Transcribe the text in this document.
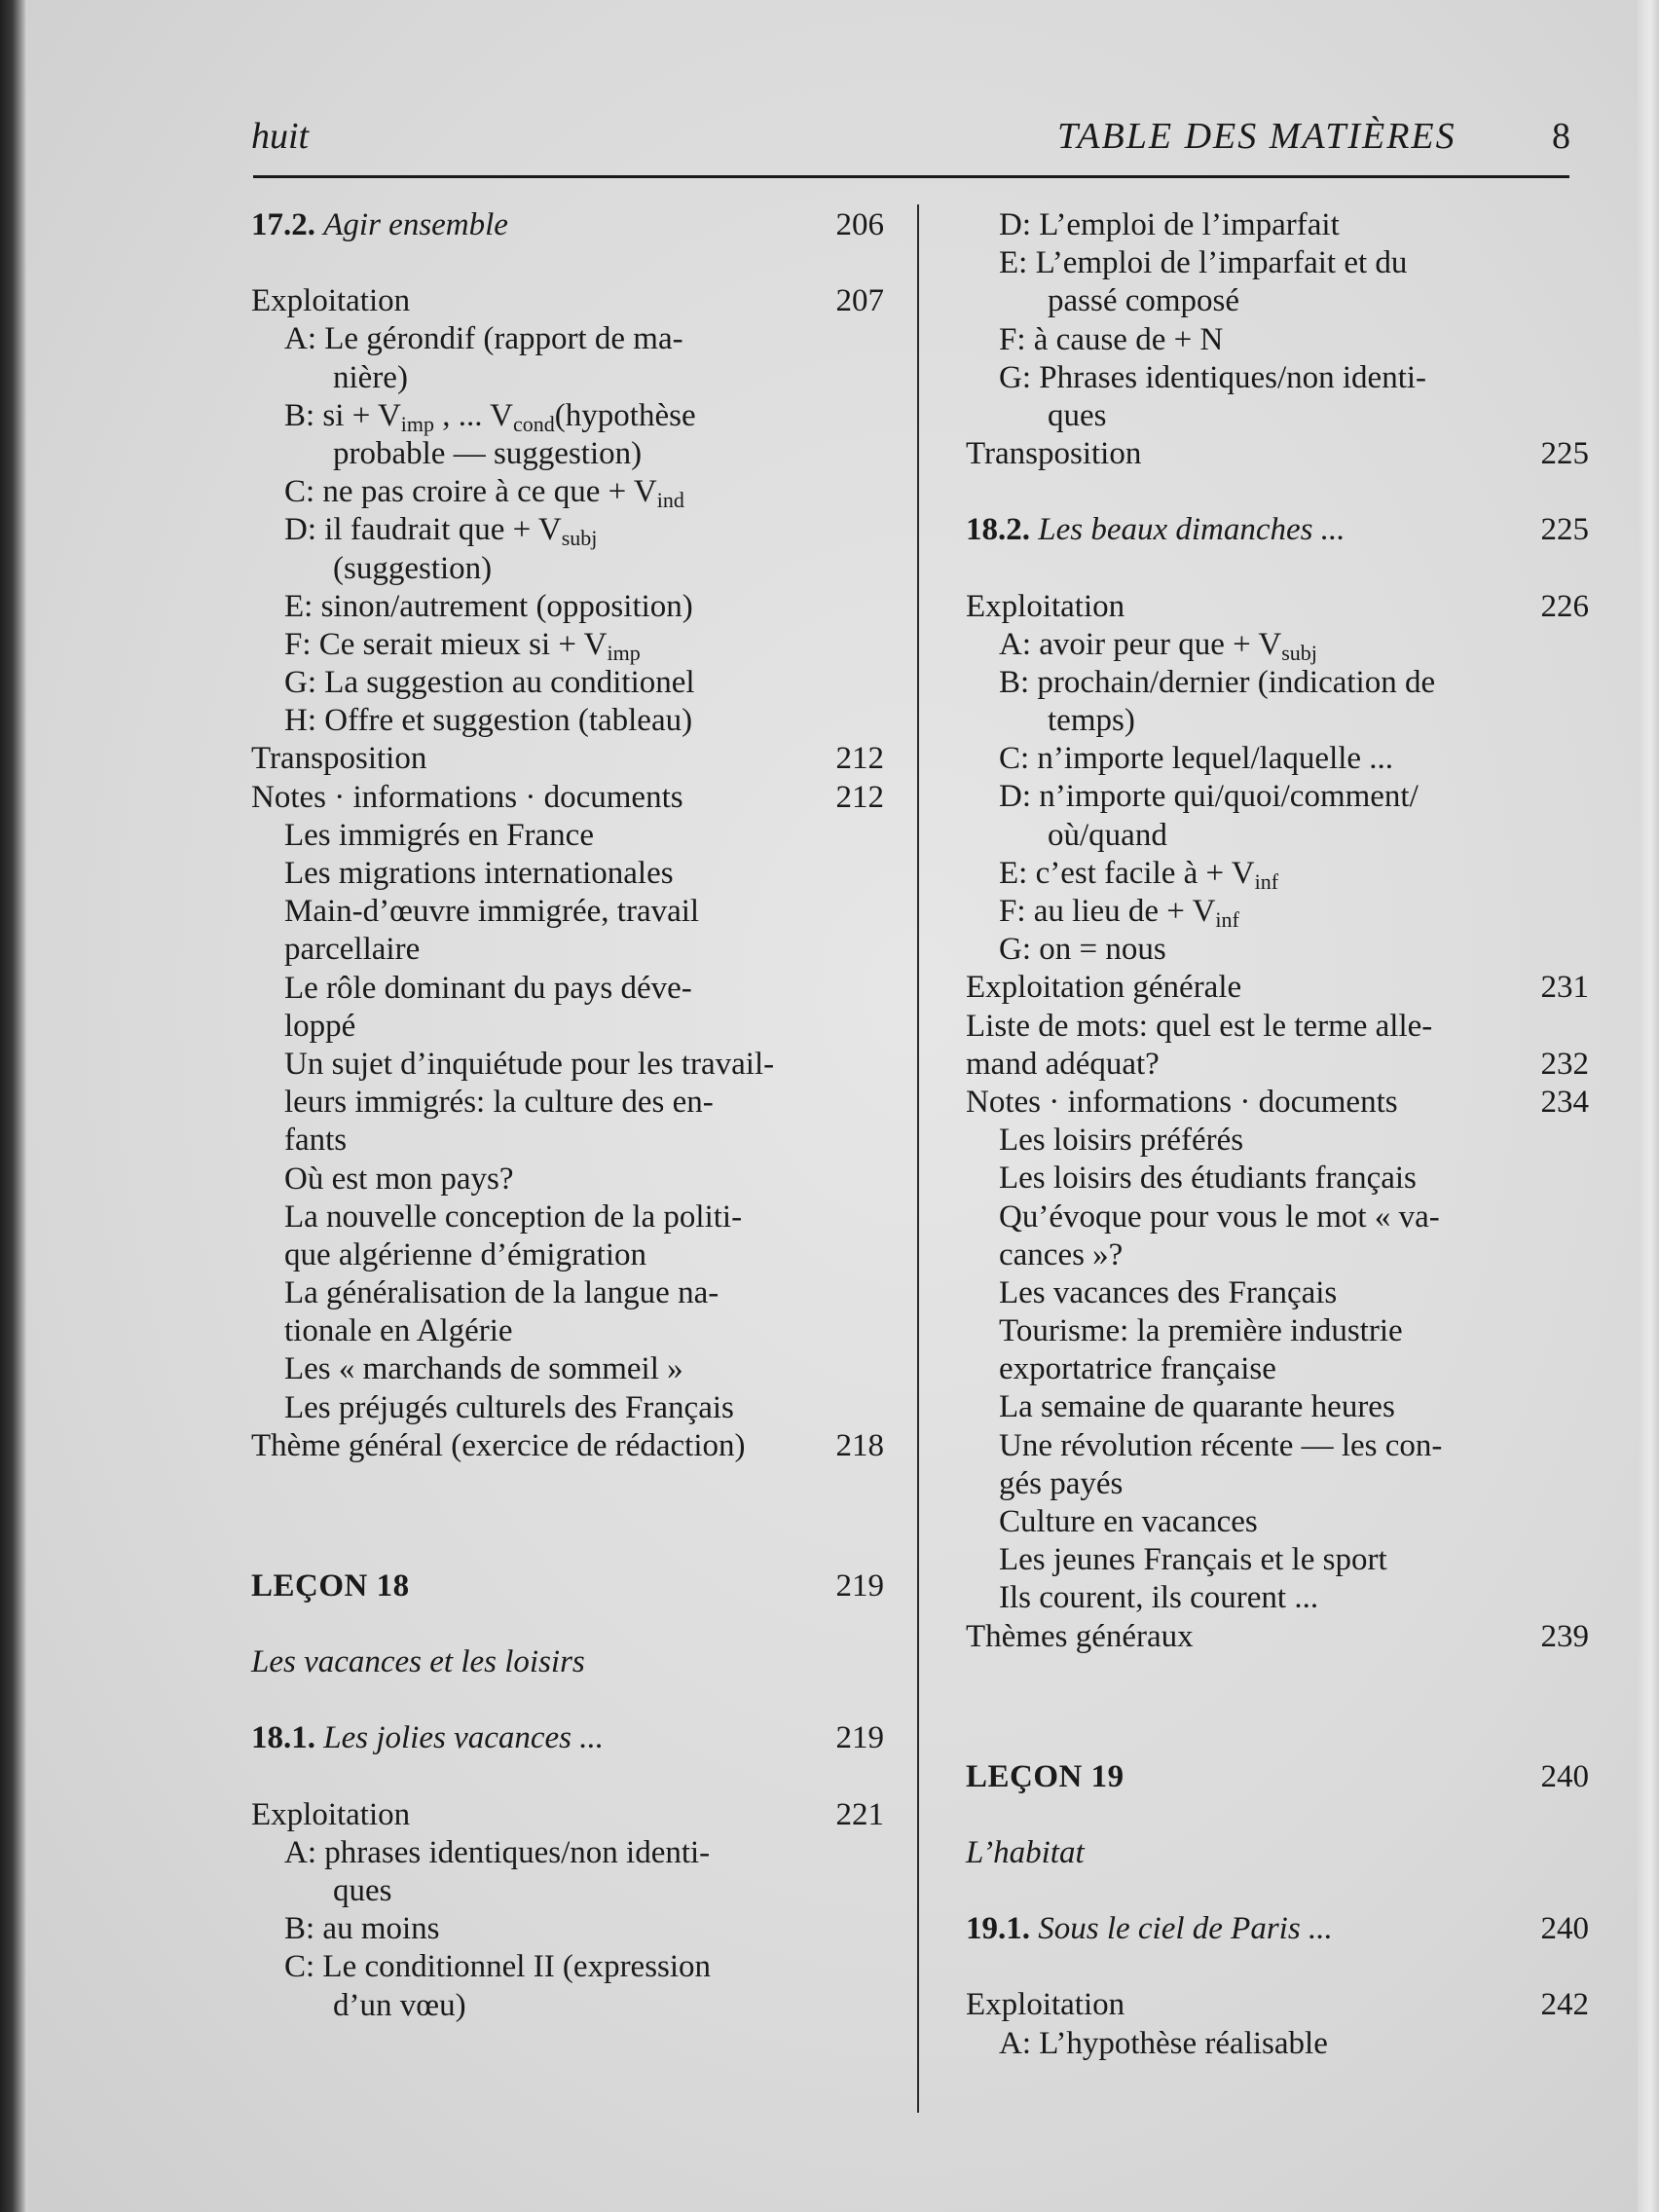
huit	TABLE DES MATIÈRES	8
17.2. Agir ensemble	206
Exploitation	207
A: Le gérondif (rapport de ma-
nière)
B: si + $V_{imp}$ , ... $V_{cond}(hypothèse$
probable — suggestion)
C: ne pas croire à ce que + $V_{ind}$
D: il faudrait que + $V_{subj}$
(suggestion)
E: sinon/autrement (opposition)
F: Ce serait mieux si + $V_{imp}$
G: La suggestion au conditionel
H: Offre et suggestion (tableau)
Transposition	212
Notes · informations · documents	212
Les immigrés en France
Les migrations internationales
Main-d’œuvre immigrée, travail
parcellaire
Le rôle dominant du pays déve-
loppé
Un sujet d’inquiétude pour les travail-
leurs immigrés: la culture des en-
fants
Où est mon pays?
La nouvelle conception de la politi-
que algérienne d’émigration
La généralisation de la langue na-
tionale en Algérie
Les « marchands de sommeil »
Les préjugés culturels des Français
Thème général (exercice de rédaction)	218
LEÇON 18	219
Les vacances et les loisirs
18.1. Les jolies vacances ...	219
Exploitation	221
A: phrases identiques/non identi-
ques
B: au moins
C: Le conditionnel II (expression
d’un vœu)
D: L’emploi de l’imparfait
E: L’emploi de l’imparfait et du
passé composé
F: à cause de + N
G: Phrases identiques/non identi-
ques
Transposition	225
18.2. Les beaux dimanches ...	225
Exploitation	226
A: avoir peur que + $V_{subj}$
B: prochain/dernier (indication de
temps)
C: n’importe lequel/laquelle ...
D: n’importe qui/quoi/comment/
où/quand
E: c’est facile à + $V_{inf}$
F: au lieu de + $V_{inf}$
G: on = nous
Exploitation générale	231
Liste de mots: quel est le terme alle-
mand adéquat?	232
Notes · informations · documents	234
Les loisirs préférés
Les loisirs des étudiants français
Qu’évoque pour vous le mot « va-
cances »?
Les vacances des Français
Tourisme: la première industrie
exportatrice française
La semaine de quarante heures
Une révolution récente — les con-
gés payés
Culture en vacances
Les jeunes Français et le sport
Ils courent, ils courent ...
Thèmes généraux	239
LEÇON 19	240
L’habitat
19.1. Sous le ciel de Paris ...	240
Exploitation	242
A: L’hypothèse réalisable
